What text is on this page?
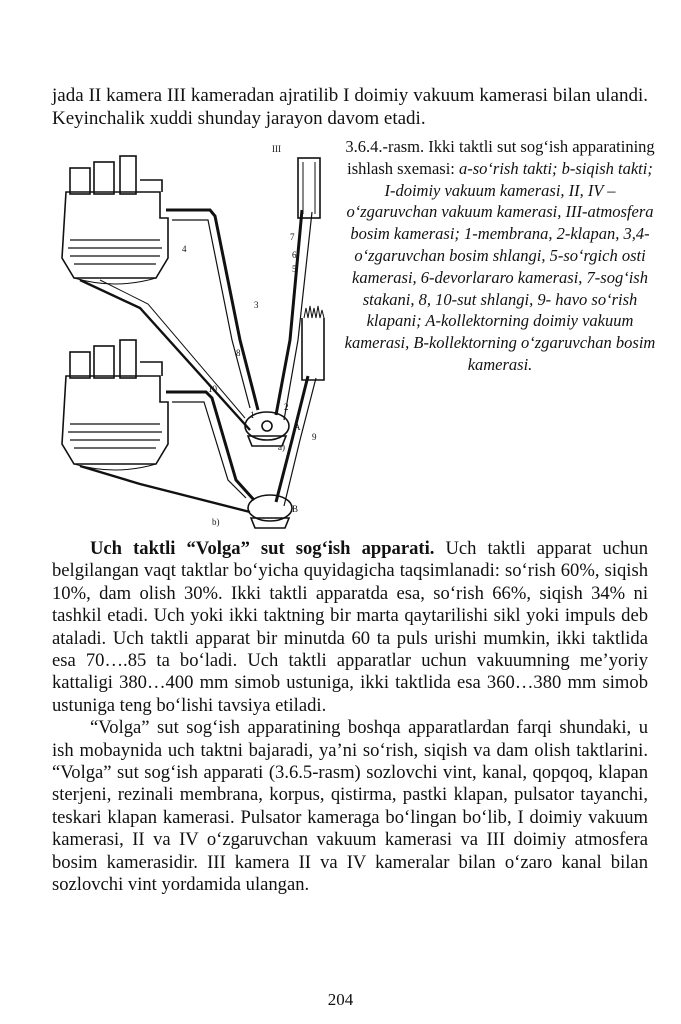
jada II kamera III kameradan ajratilib I doimiy vakuum kamerasi bilan ulandi. Keyinchalik xuddi shunday jarayon davom etadi.

a)
III
8
10
9
7
6
5
4
3
1
2
A
B
b)

3.6.4.-rasm. Ikki taktli sut sog‘ish apparatining ishlash sxemasi: a-so‘rish takti; b-siqish takti; I-doimiy vakuum kamerasi, II, IV – o‘zgaruvchan vakuum kamerasi, III-atmosfera bosim kamerasi; 1-membrana, 2-klapan, 3,4-o‘zgaruvchan bosim shlangi, 5-so‘rgich osti kamerasi, 6-devorlararo kamerasi, 7-sog‘ish stakani, 8, 10-sut shlangi, 9- havo so‘rish klapani; A-kollektorning doimiy vakuum kamerasi, B-kollektorning o‘zgaruvchan bosim kamerasi.

Uch taktli “Volga” sut sog‘ish apparati. Uch taktli apparat uchun belgilangan vaqt taktlar bo‘yicha quyidagicha taqsimlanadi: so‘rish 60%, siqish 10%, dam olish 30%. Ikki taktli apparatda esa, so‘rish 66%, siqish 34% ni tashkil etadi. Uch yoki ikki taktning bir marta qaytarilishi sikl yoki impuls deb ataladi. Uch taktli apparat bir minutda 60 ta puls urishi mumkin, ikki taktlida esa 70….85 ta bo‘ladi. Uch taktli apparatlar uchun vakuumning me’yoriy kattaligi 380…400 mm simob ustuniga, ikki taktlida esa 360…380 mm simob ustuniga teng bo‘lishi tavsiya etiladi.

“Volga” sut sog‘ish apparatining boshqa apparatlardan farqi shundaki, u ish mobaynida uch taktni bajaradi, ya’ni so‘rish, siqish va dam olish taktlarini. “Volga” sut sog‘ish apparati (3.6.5-rasm) sozlovchi vint, kanal, qopqoq, klapan sterjeni, rezinali membrana, korpus, qistirma, pastki klapan, pulsator tayanchi, teskari klapan kamerasi. Pulsator kameraga bo‘lingan bo‘lib, I doimiy vakuum kamerasi, II va IV o‘zgaruvchan vakuum kamerasi va III doimiy atmosfera bosim kamerasidir. III kamera II va IV kameralar bilan o‘zaro kanal bilan sozlovchi vint yordamida ulangan.

204
